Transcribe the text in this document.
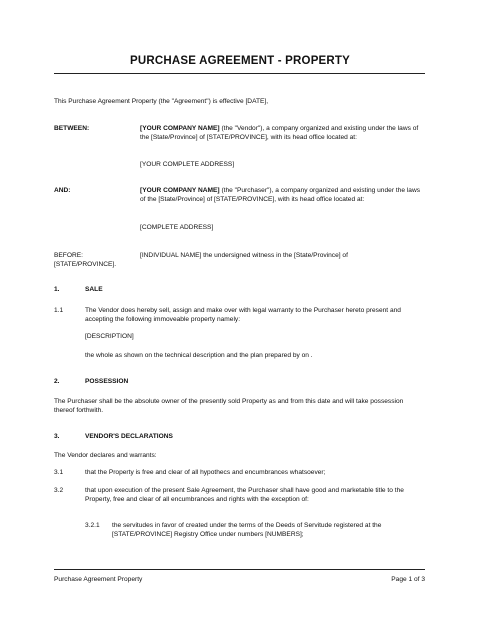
PURCHASE AGREEMENT - PROPERTY
This Purchase Agreement Property (the "Agreement") is effective [DATE],
BETWEEN:	[YOUR COMPANY NAME] (the "Vendor"), a company organized and existing under the laws of the [State/Province] of [STATE/PROVINCE], with its head office located at:
[YOUR COMPLETE ADDRESS]
AND:	[YOUR COMPANY NAME] (the "Purchaser"), a company organized and existing under the laws of the [State/Province] of [STATE/PROVINCE], with its head office located at:
[COMPLETE ADDRESS]
BEFORE:	[INDIVIDUAL NAME] the undersigned witness in the [State/Province] of
[STATE/PROVINCE].
1.	SALE
1.1	The Vendor does hereby sell, assign and make over with legal warranty to the Purchaser hereto present and accepting the following immoveable property namely:
[DESCRIPTION]
the whole as shown on the technical description and the plan prepared by on .
2.	POSSESSION
The Purchaser shall be the absolute owner of the presently sold Property as and from this date and will take possession thereof forthwith.
3.	VENDOR'S DECLARATIONS
The Vendor declares and warrants:
3.1	that the Property is free and clear of all hypothecs and encumbrances whatsoever;
3.2	that upon execution of the present Sale Agreement, the Purchaser shall have good and marketable title to the Property, free and clear of all encumbrances and rights with the exception of:
3.2.1 the servitudes in favor of created under the terms of the Deeds of Servitude registered at the [STATE/PROVINCE] Registry Office under numbers [NUMBERS];
Purchase Agreement Property	Page 1 of 3
